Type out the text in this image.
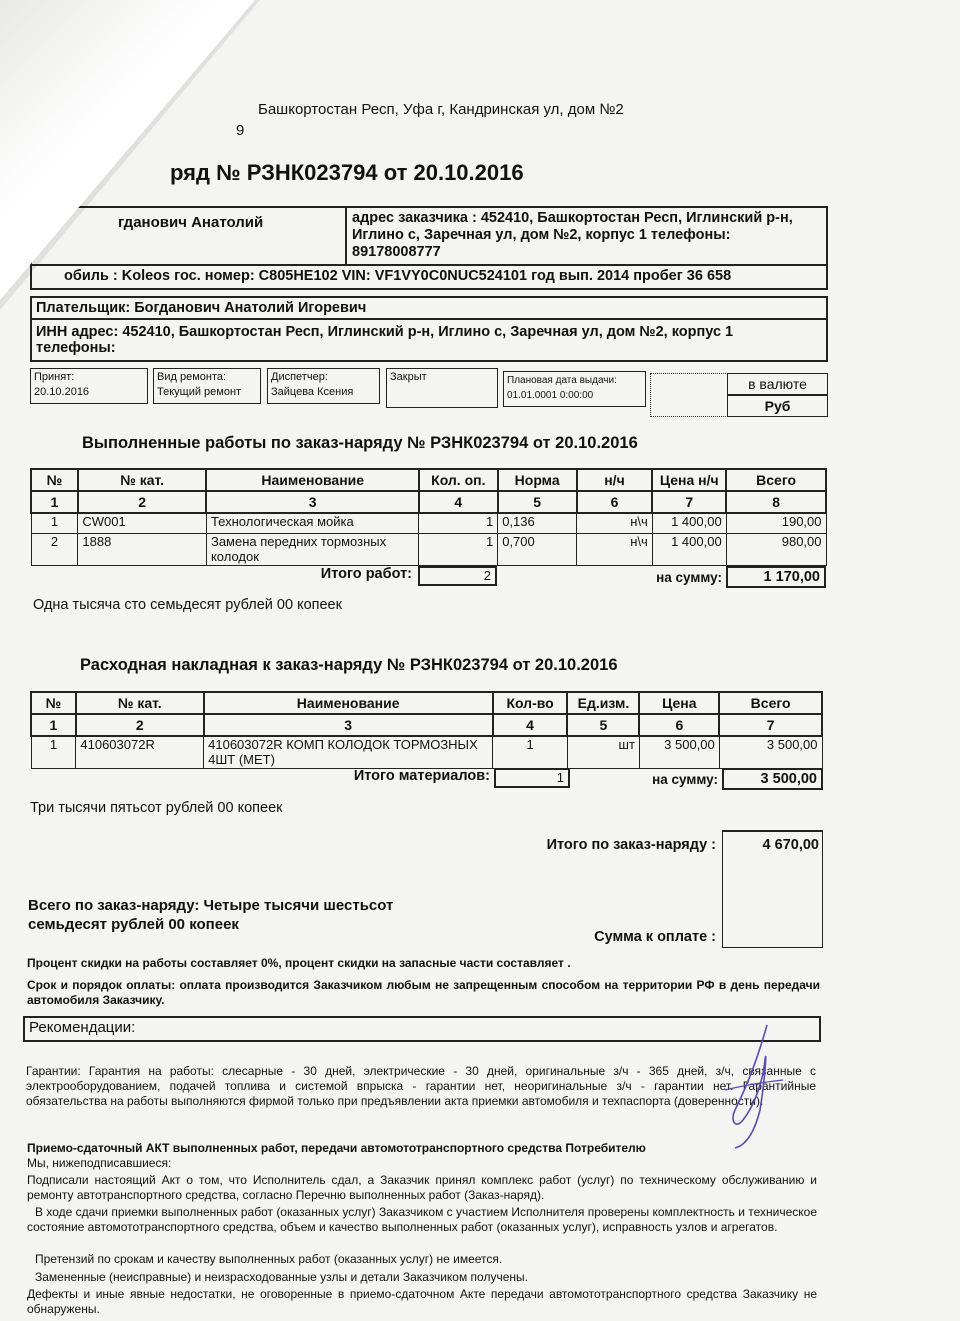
Башкортостан Респ, Уфа г, Кандринская ул, дом №2
9
ряд № РЗНК023794 от 20.10.2016
гданович Анатолий	адрес заказчика : 452410, Башкортостан Респ, Иглинский р-н, Иглино с, Заречная ул, дом №2, корпус 1 телефоны: 89178008777
обиль : Koleos гос. номер: С805НЕ102 VIN: VF1VY0C0NUC524101 год вып. 2014 пробег 36 658
Плательщик: Богданович Анатолий Игоревич
ИНН адрес: 452410, Башкортостан Респ, Иглинский р-н, Иглино с, Заречная ул, дом №2, корпус 1
телефоны:
Принят:
20.10.2016
Вид ремонта:
Текущий ремонт
Диспетчер:
Зайцева Ксения
Закрыт	Плановая дата выдачи:
01.01.0001 0:00:00
в валюте
Руб
Выполненные работы по заказ-наряду № РЗНК023794 от 20.10.2016
№	№ кат.	Наименование	Кол. оп.	Норма	н/ч	Цена н/ч	Всего
1	2	3	4	5	6	7	8
1	CW001	Технологическая мойка	1	0,136	н\ч	1 400,00	190,00
2	1888	Замена передних тормозных колодок	1	0,700	н\ч	1 400,00	980,00
Итого работ:	2	на сумму:	1 170,00
Одна тысяча сто семьдесят рублей 00 копеек
Расходная накладная к заказ-наряду № РЗНК023794 от 20.10.2016
№	№ кат.	Наименование	Кол-во	Ед.изм.	Цена	Всего
1	2	3	4	5	6	7
1	410603072R	410603072R КОМП КОЛОДОК ТОРМОЗНЫХ 4ШТ (МЕТ)	1	шт	3 500,00	3 500,00
Итого материалов:	1	на сумму:	3 500,00
Три тысячи пятьсот рублей 00 копеек
Итого по заказ-наряду :	4 670,00
Всего по заказ-наряду: Четыре тысячи шестьсот семьдесят рублей 00 копеек
Сумма к оплате :
Процент скидки на работы составляет 0%, процент скидки на запасные части составляет .
Срок и порядок оплаты: оплата производится Заказчиком любым не запрещенным способом на территории РФ в день передачи автомобиля Заказчику.
Рекомендации:
Гарантии: Гарантия на работы: слесарные - 30 дней, электрические - 30 дней, оригинальные з/ч - 365 дней, з/ч, связанные с электрооборудованием, подачей топлива и системой впрыска - гарантии нет, неоригинальные з/ч - гарантии нет. Гарантийные обязательства на работы выполняются фирмой только при предъявлении акта приемки автомобиля и техпаспорта (доверенности).
Приемо-сдаточный АКТ выполненных работ, передачи автомототранспортного средства Потребителю
Мы, нижеподписавшиеся:
Подписали настоящий Акт о том, что Исполнитель сдал, а Заказчик принял комплекс работ (услуг) по техническому обслуживанию и ремонту автотранспортного средства, согласно Перечню выполненных работ (Заказ-наряд).
В ходе сдачи приемки выполненных работ (оказанных услуг) Заказчиком с участием Исполнителя проверены комплектность и техническое состояние автомототранспортного средства, объем и качество выполненных работ (оказанных услуг), исправность узлов и агрегатов.
Претензий по срокам и качеству выполненных работ (оказанных услуг) не имеется.
Замененные (неисправные) и неизрасходованные узлы и детали Заказчиком получены.
Дефекты и иные явные недостатки, не оговоренные в приемо-сдаточном Акте передачи автомототранспортного средства Заказчику не обнаружены.
